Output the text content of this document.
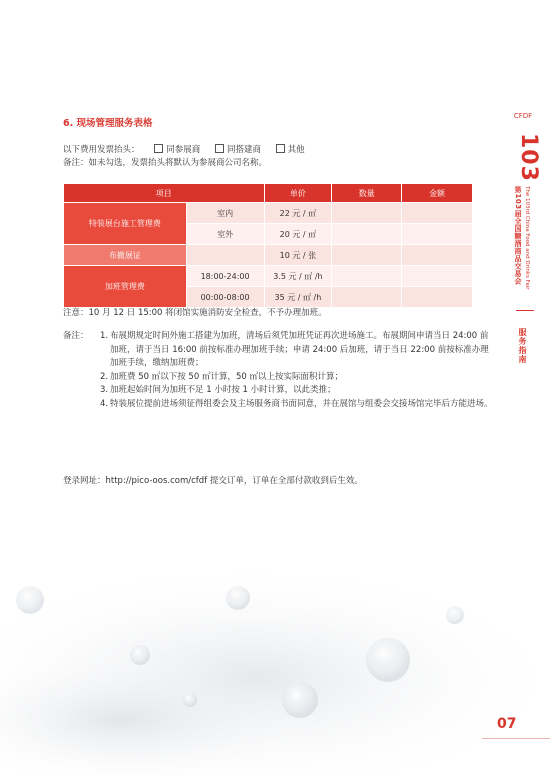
6. 现场管理服务表格
以下费用发票抬头：	同参展商	同搭建商	其他
备注：如未勾选，发票抬头将默认为参展商公司名称。
项目		单价	数量	金额
特装展台施工管理费	室内	22 元 / ㎡		
	室外	20 元 / ㎡		
布撤展证		10 元 / 张		
加班管理费	18:00-24:00	3.5 元 / ㎡ /h		
	00:00-08:00	35 元 / ㎡ /h		
注意：10 月 12 日 15:00 将闭馆实施消防安全检查，不予办理加班。
备注： 1. 布展期规定时间外施工搭建为加班，清场后须凭加班凭证再次进场施工。布展期间申请当日 24:00 前加班，请于当日 16:00 前按标准办理加班手续；申请 24:00 后加班，请于当日 22:00 前按标准办理加班手续，缴纳加班费；
2. 加班费 50 ㎡以下按 50 ㎡计算，50 ㎡以上按实际面积计算；
3. 加班起始时间为加班不足 1 小时按 1 小时计算，以此类推；
4. 特装展位提前进场须征得组委会及主场服务商书面同意，并在展馆与组委会交接场馆完毕后方能进场。
登录网址：http://pico-oos.com/cfdf 提交订单，订单在全部付款收到后生效。
CFDF
103
第103届全国糖酒商品交易会 The 103rd China Food and Drinks Fair
服务指南
07
